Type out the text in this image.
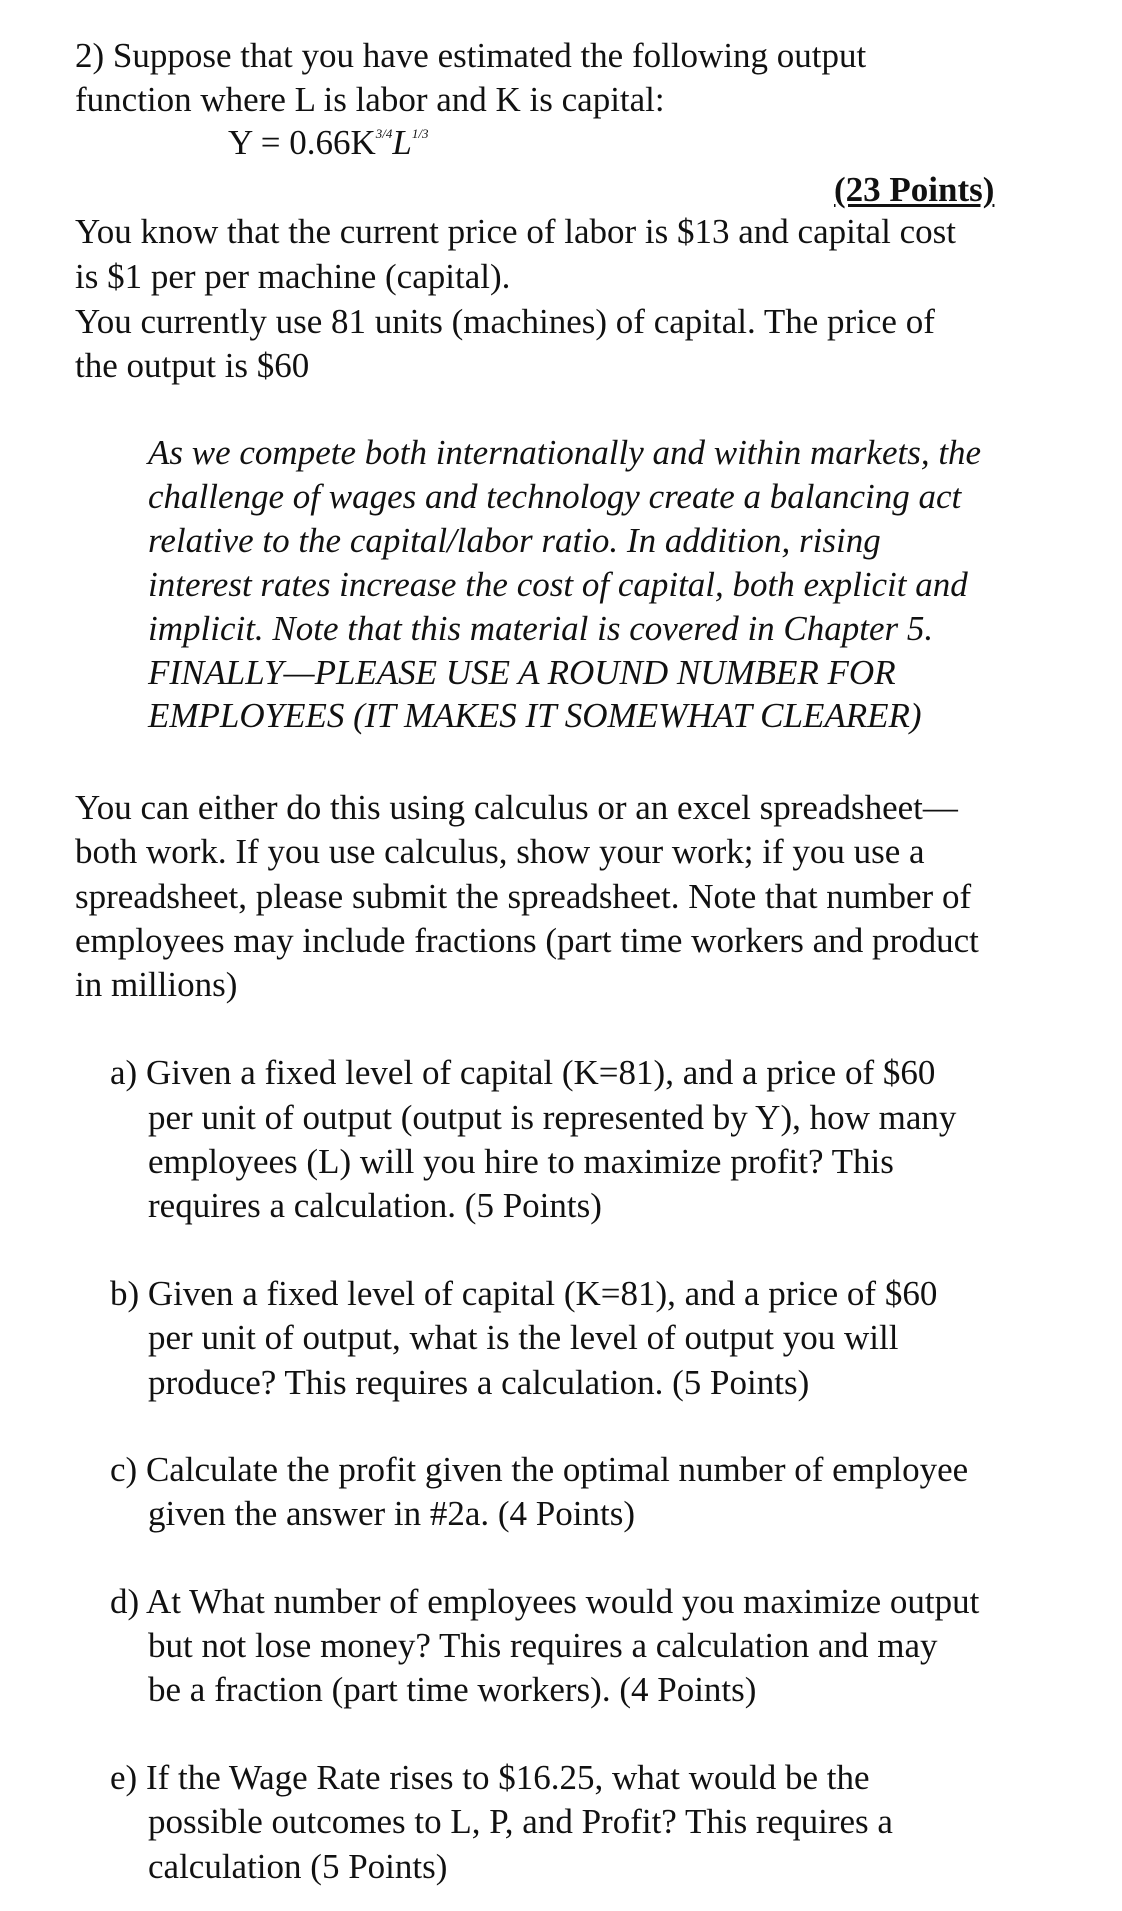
2) Suppose that you have estimated the following output
function where L is labor and K is capital:
$Y = 0.66K^{3/4}L^{1/3}$
(23 Points)
You know that the current price of labor is $13 and capital cost
is $1 per per machine (capital).
You currently use 81 units (machines) of capital. The price of
the output is $60
As we compete both internationally and within markets, the
challenge of wages and technology create a balancing act
relative to the capital/labor ratio. In addition, rising
interest rates increase the cost of capital, both explicit and
implicit. Note that this material is covered in Chapter 5.
FINALLY—PLEASE USE A ROUND NUMBER FOR
EMPLOYEES (IT MAKES IT SOMEWHAT CLEARER)
You can either do this using calculus or an excel spreadsheet—
both work. If you use calculus, show your work; if you use a
spreadsheet, please submit the spreadsheet. Note that number of
employees may include fractions (part time workers and product
in millions)
a) Given a fixed level of capital (K=81), and a price of $60
per unit of output (output is represented by Y), how many
employees (L) will you hire to maximize profit? This
requires a calculation. (5 Points)
b) Given a fixed level of capital (K=81), and a price of $60
per unit of output, what is the level of output you will
produce? This requires a calculation. (5 Points)
c) Calculate the profit given the optimal number of employee
given the answer in #2a. (4 Points)
d) At What number of employees would you maximize output
but not lose money? This requires a calculation and may
be a fraction (part time workers). (4 Points)
e) If the Wage Rate rises to $16.25, what would be the
possible outcomes to L, P, and Profit? This requires a
calculation (5 Points)
